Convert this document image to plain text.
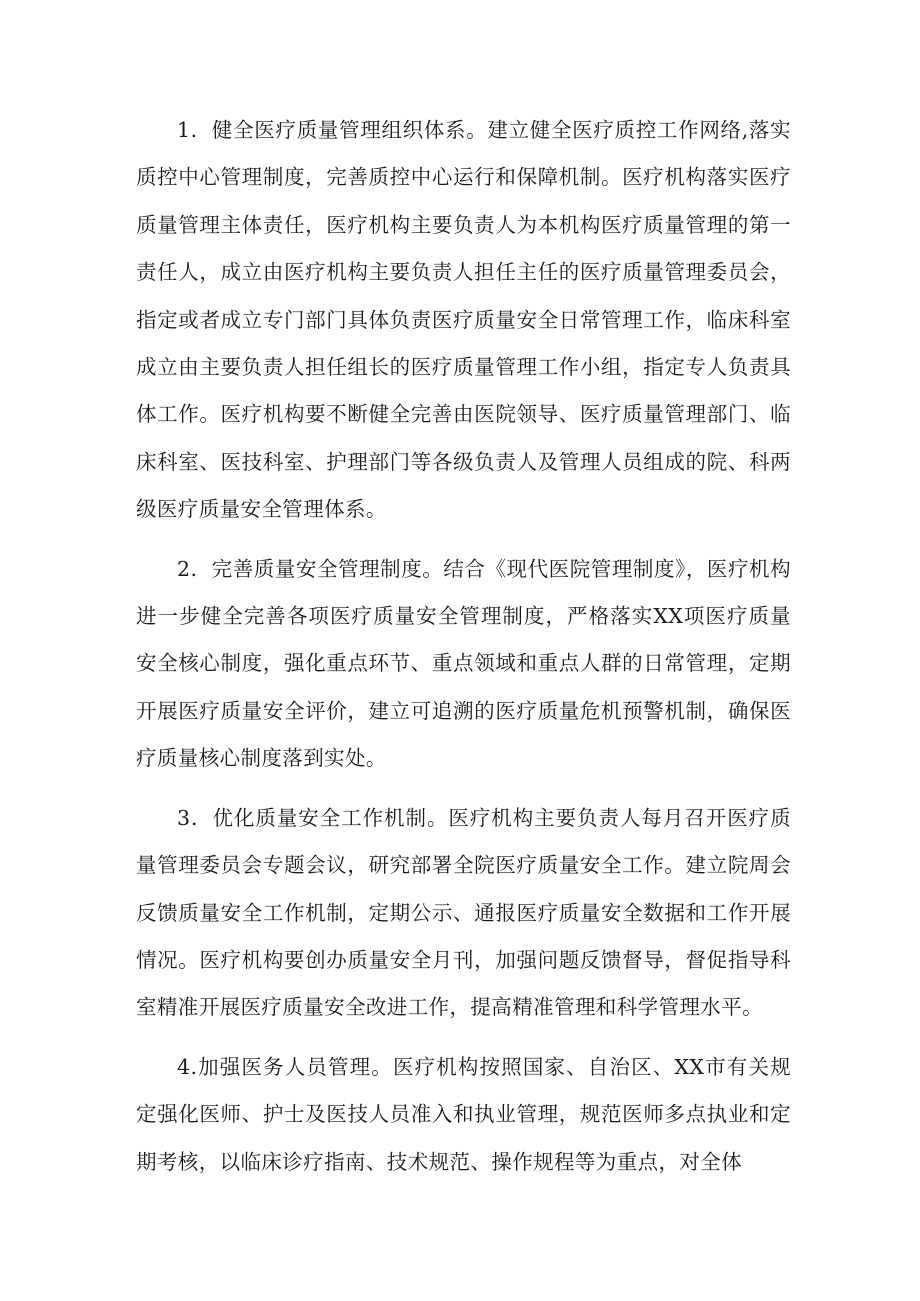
1．健全医疗质量管理组织体系。建立健全医疗质控工作网络,落实质控中心管理制度，完善质控中心运行和保障机制。医疗机构落实医疗质量管理主体责任，医疗机构主要负责人为本机构医疗质量管理的第一责任人，成立由医疗机构主要负责人担任主任的医疗质量管理委员会，指定或者成立专门部门具体负责医疗质量安全日常管理工作，临床科室成立由主要负责人担任组长的医疗质量管理工作小组，指定专人负责具体工作。医疗机构要不断健全完善由医院领导、医疗质量管理部门、临床科室、医技科室、护理部门等各级负责人及管理人员组成的院、科两级医疗质量安全管理体系。

2．完善质量安全管理制度。结合《现代医院管理制度》，医疗机构进一步健全完善各项医疗质量安全管理制度，严格落实XX项医疗质量安全核心制度，强化重点环节、重点领域和重点人群的日常管理，定期开展医疗质量安全评价，建立可追溯的医疗质量危机预警机制，确保医疗质量核心制度落到实处。

3．优化质量安全工作机制。医疗机构主要负责人每月召开医疗质量管理委员会专题会议，研究部署全院医疗质量安全工作。建立院周会反馈质量安全工作机制，定期公示、通报医疗质量安全数据和工作开展情况。医疗机构要创办质量安全月刊，加强问题反馈督导，督促指导科室精准开展医疗质量安全改进工作，提高精准管理和科学管理水平。

4.加强医务人员管理。医疗机构按照国家、自治区、XX市有关规定强化医师、护士及医技人员准入和执业管理，规范医师多点执业和定期考核，以临床诊疗指南、技术规范、操作规程等为重点，对全体
